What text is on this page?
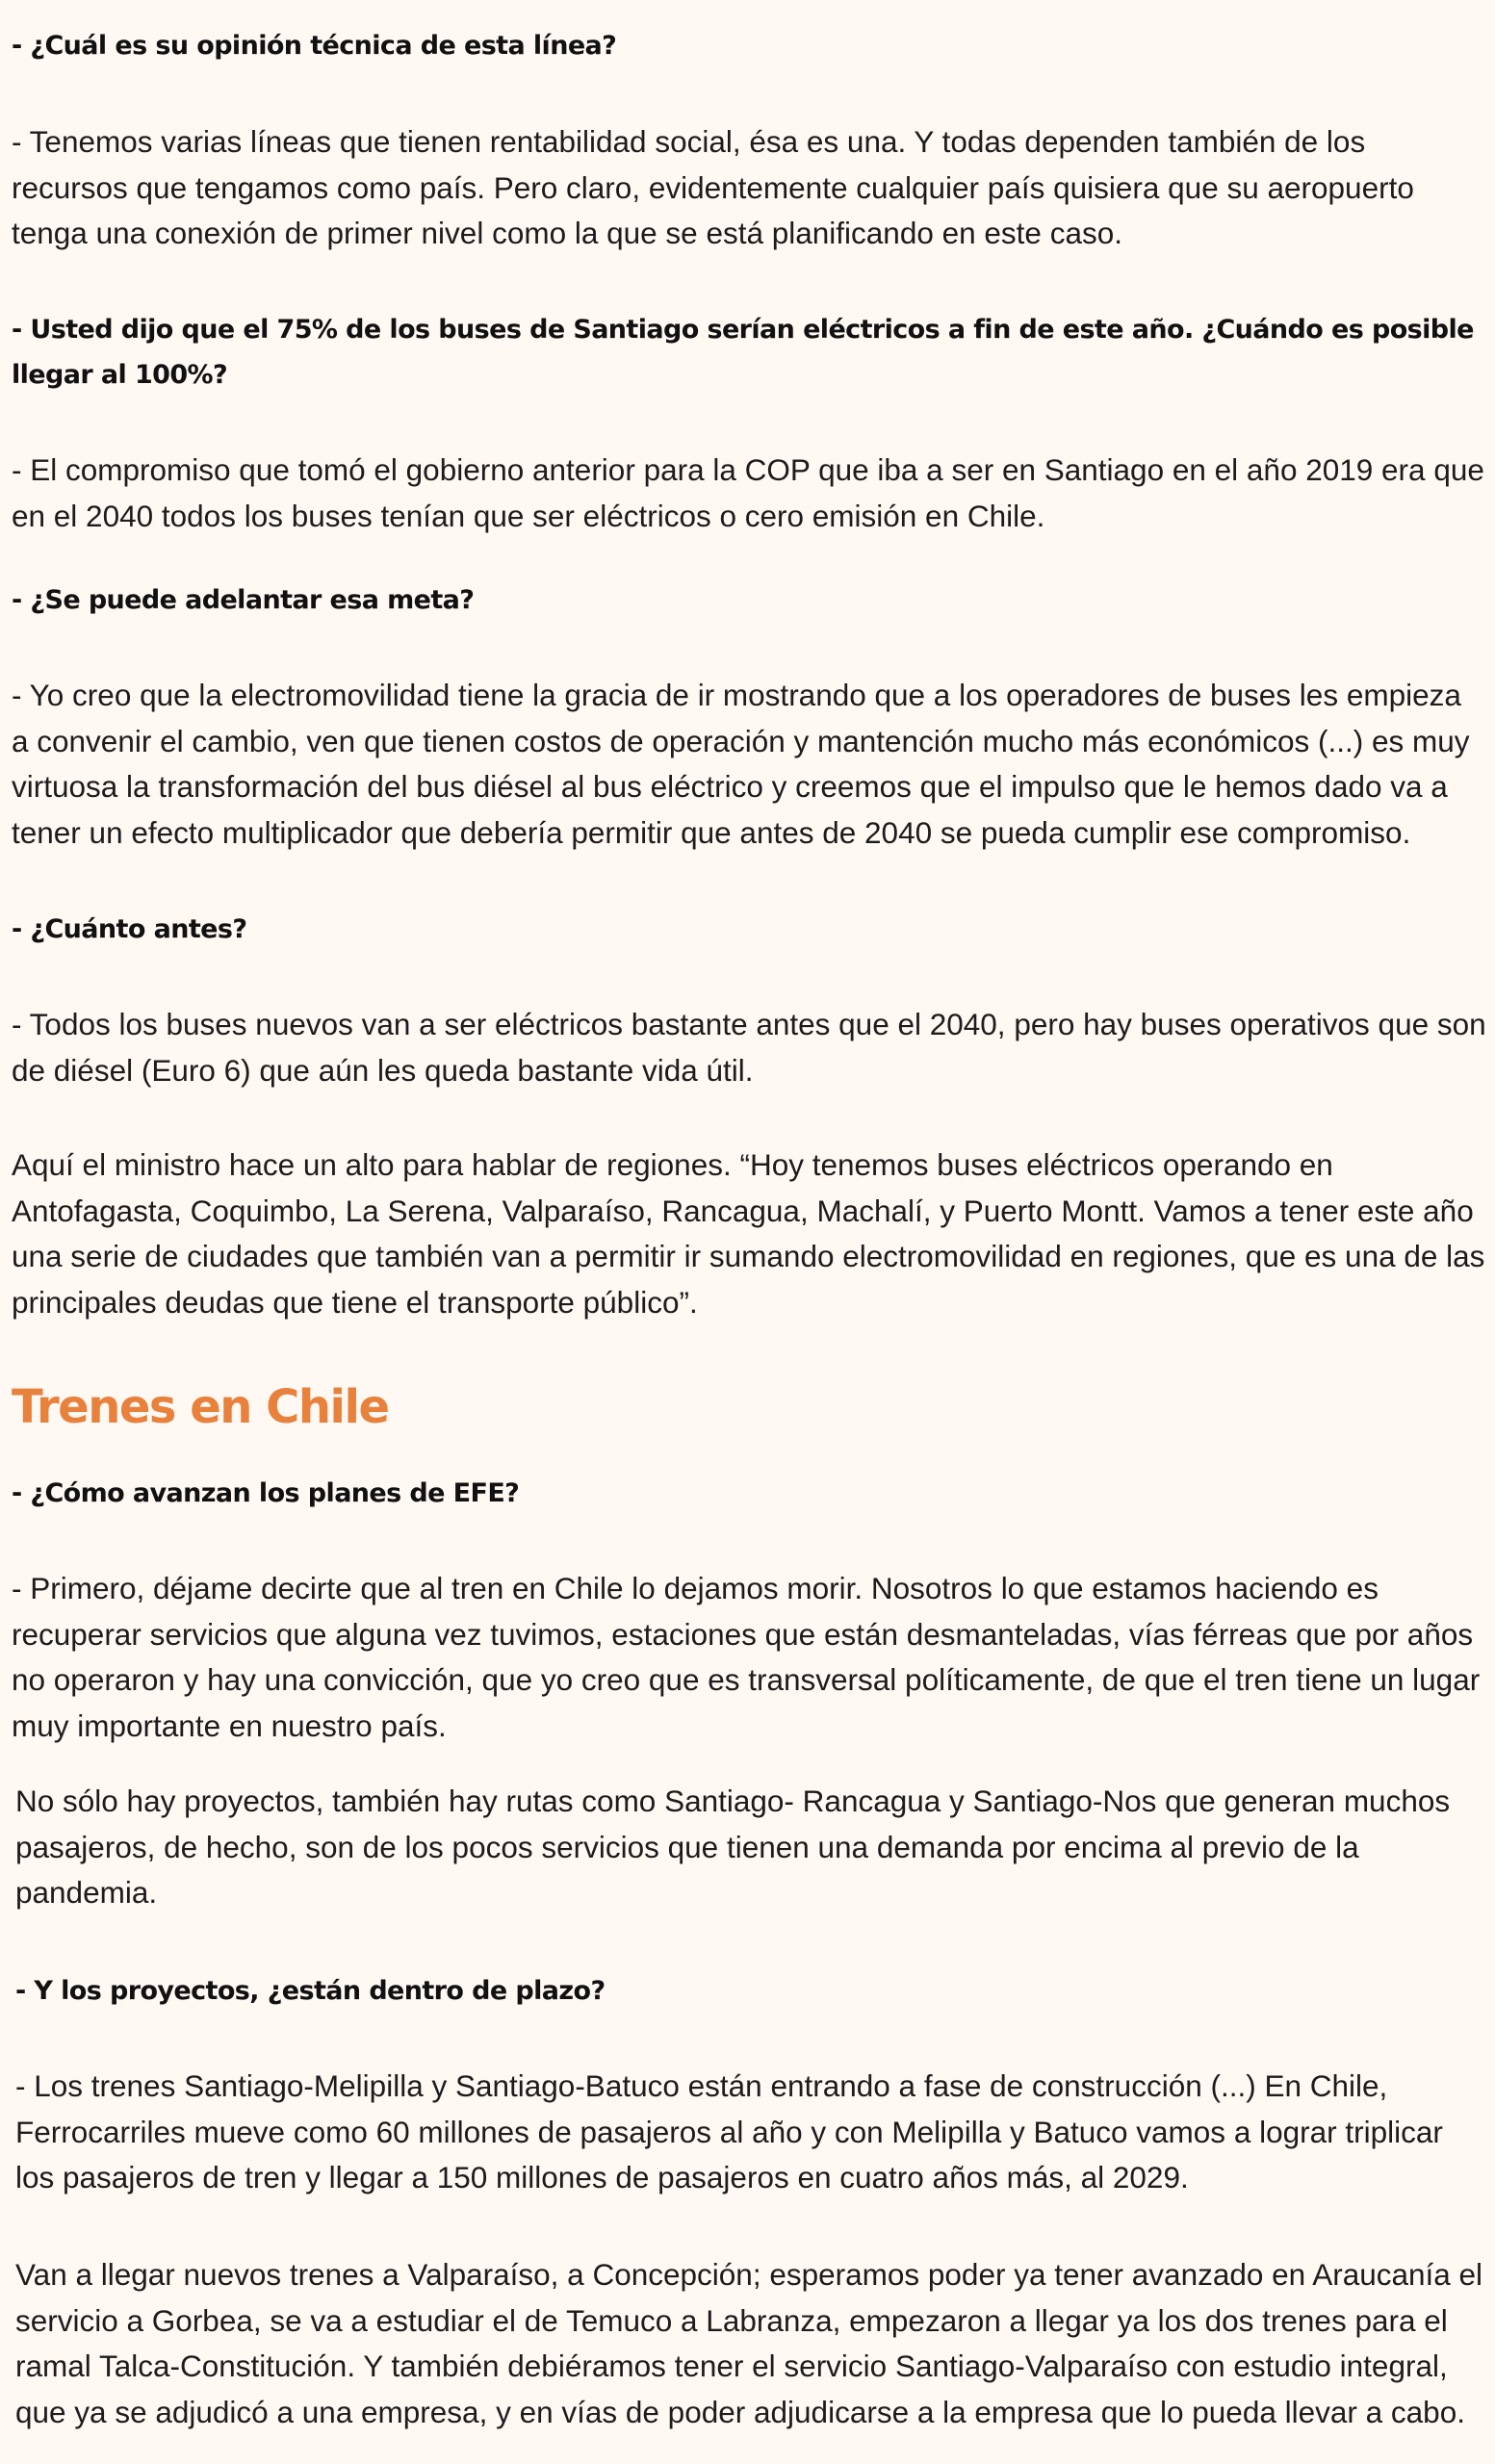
- ¿Cuál es su opinión técnica de esta línea?

- Tenemos varias líneas que tienen rentabilidad social, ésa es una. Y todas dependen también de los recursos que tengamos como país. Pero claro, evidentemente cualquier país quisiera que su aeropuerto tenga una conexión de primer nivel como la que se está planificando en este caso.

- Usted dijo que el 75% de los buses de Santiago serían eléctricos a fin de este año. ¿Cuándo es posible llegar al 100%?

- El compromiso que tomó el gobierno anterior para la COP que iba a ser en Santiago en el año 2019 era que en el 2040 todos los buses tenían que ser eléctricos o cero emisión en Chile.

- ¿Se puede adelantar esa meta?

- Yo creo que la electromovilidad tiene la gracia de ir mostrando que a los operadores de buses les empieza a convenir el cambio, ven que tienen costos de operación y mantención mucho más económicos (...) es muy virtuosa la transformación del bus diésel al bus eléctrico y creemos que el impulso que le hemos dado va a tener un efecto multiplicador que debería permitir que antes de 2040 se pueda cumplir ese compromiso.

- ¿Cuánto antes?

- Todos los buses nuevos van a ser eléctricos bastante antes que el 2040, pero hay buses operativos que son de diésel (Euro 6) que aún les queda bastante vida útil.

Aquí el ministro hace un alto para hablar de regiones. “Hoy tenemos buses eléctricos operando en Antofagasta, Coquimbo, La Serena, Valparaíso, Rancagua, Machalí, y Puerto Montt. Vamos a tener este año una serie de ciudades que también van a permitir ir sumando electromovilidad en regiones, que es una de las principales deudas que tiene el transporte público”.

Trenes en Chile

- ¿Cómo avanzan los planes de EFE?

- Primero, déjame decirte que al tren en Chile lo dejamos morir. Nosotros lo que estamos haciendo es recuperar servicios que alguna vez tuvimos, estaciones que están desmanteladas, vías férreas que por años no operaron y hay una convicción, que yo creo que es transversal políticamente, de que el tren tiene un lugar muy importante en nuestro país.

No sólo hay proyectos, también hay rutas como Santiago- Rancagua y Santiago-Nos que generan muchos pasajeros, de hecho, son de los pocos servicios que tienen una demanda por encima al previo de la pandemia.

- Y los proyectos, ¿están dentro de plazo?

- Los trenes Santiago-Melipilla y Santiago-Batuco están entrando a fase de construcción (...) En Chile, Ferrocarriles mueve como 60 millones de pasajeros al año y con Melipilla y Batuco vamos a lograr triplicar los pasajeros de tren y llegar a 150 millones de pasajeros en cuatro años más, al 2029.

Van a llegar nuevos trenes a Valparaíso, a Concepción; esperamos poder ya tener avanzado en Araucanía el servicio a Gorbea, se va a estudiar el de Temuco a Labranza, empezaron a llegar ya los dos trenes para el ramal Talca-Constitución. Y también debiéramos tener el servicio Santiago-Valparaíso con estudio integral, que ya se adjudicó a una empresa, y en vías de poder adjudicarse a la empresa que lo pueda llevar a cabo.
